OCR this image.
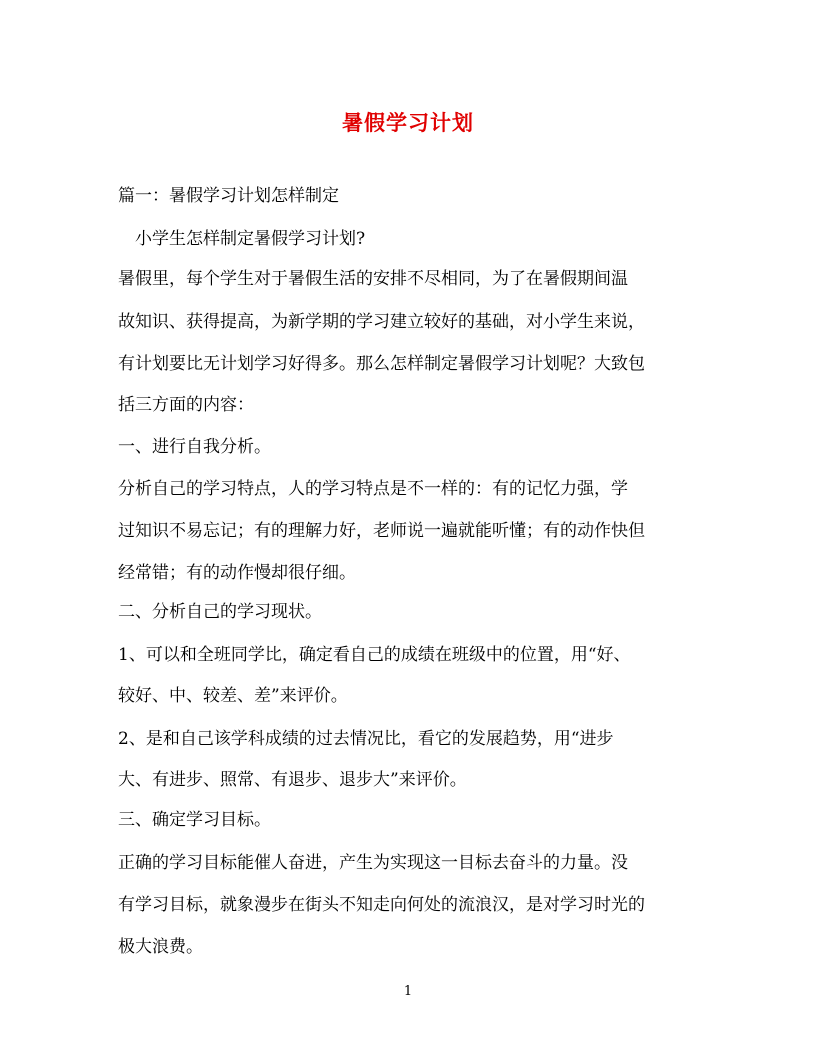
暑假学习计划
篇一：暑假学习计划怎样制定
　小学生怎样制定暑假学习计划?
暑假里，每个学生对于暑假生活的安排不尽相同，为了在暑假期间温
故知识、获得提高，为新学期的学习建立较好的基础，对小学生来说，
有计划要比无计划学习好得多。那么怎样制定暑假学习计划呢？大致包
括三方面的内容：
一、进行自我分析。
分析自己的学习特点，人的学习特点是不一样的：有的记忆力强，学
过知识不易忘记；有的理解力好，老师说一遍就能听懂；有的动作快但
经常错；有的动作慢却很仔细。
二、分析自己的学习现状。
1、可以和全班同学比，确定看自己的成绩在班级中的位置，用“好、
较好、中、较差、差”来评价。
2、是和自己该学科成绩的过去情况比，看它的发展趋势，用“进步
大、有进步、照常、有退步、退步大”来评价。
三、确定学习目标。
正确的学习目标能催人奋进，产生为实现这一目标去奋斗的力量。没
有学习目标，就象漫步在街头不知走向何处的流浪汉，是对学习时光的
极大浪费。
1
